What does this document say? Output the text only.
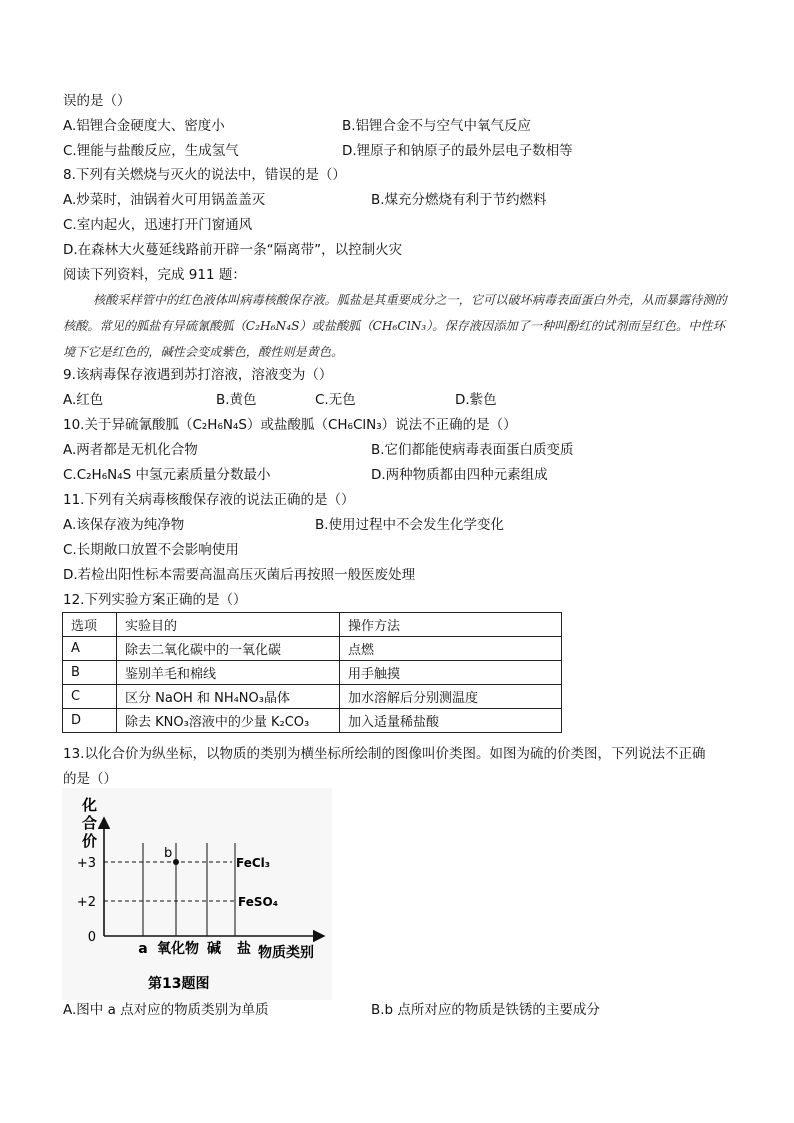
误的是（）
A.铝锂合金硬度大、密度小	B.铝锂合金不与空气中氧气反应
C.锂能与盐酸反应，生成氢气	D.锂原子和钠原子的最外层电子数相等
8.下列有关燃烧与灭火的说法中，错误的是（）
A.炒菜时，油锅着火可用锅盖盖灭	B.煤充分燃烧有利于节约燃料
C.室内起火，迅速打开门窗通风
D.在森林大火蔓延线路前开辟一条“隔离带”，以控制火灾
阅读下列资料，完成 911 题：
核酸采样管中的红色液体叫病毒核酸保存液。胍盐是其重要成分之一，它可以破坏病毒表面蛋白外壳，从而暴露待测的核酸。常见的胍盐有异硫氰酸胍（C₂H₆N₄S）或盐酸胍（CH₆ClN₃）。保存液因添加了一种叫酚红的试剂而呈红色。中性环境下它是红色的，碱性会变成紫色，酸性则是黄色。
9.该病毒保存液遇到苏打溶液，溶液变为（）
A.红色	B.黄色	C.无色	D.紫色
10.关于异硫氰酸胍（C₂H₆N₄S）或盐酸胍（CH₆ClN₃）说法不正确的是（）
A.两者都是无机化合物	B.它们都能使病毒表面蛋白质变质
C.C₂H₆N₄S 中氢元素质量分数最小	D.两种物质都由四种元素组成
11.下列有关病毒核酸保存液的说法正确的是（）
A.该保存液为纯净物	B.使用过程中不会发生化学变化
C.长期敞口放置不会影响使用
D.若检出阳性标本需要高温高压灭菌后再按照一般医废处理
12.下列实验方案正确的是（）
选项	实验目的	操作方法
A	除去二氧化碳中的一氧化碳	点燃
B	鉴别羊毛和棉线	用手触摸
C	区分 NaOH 和 NH₄NO₃晶体	加水溶解后分别测温度
D	除去 KNO₃溶液中的少量 K₂CO₃	加入适量稀盐酸
13.以化合价为纵坐标，以物质的类别为横坐标所绘制的图像叫价类图。如图为硫的价类图，下列说法不正确
的是（）
化
合
价
+3
+2
0
b
FeCl₃
FeSO₄
a 氧化物 碱 盐 物质类别
第13题图
A.图中 a 点对应的物质类别为单质	B.b 点所对应的物质是铁锈的主要成分
